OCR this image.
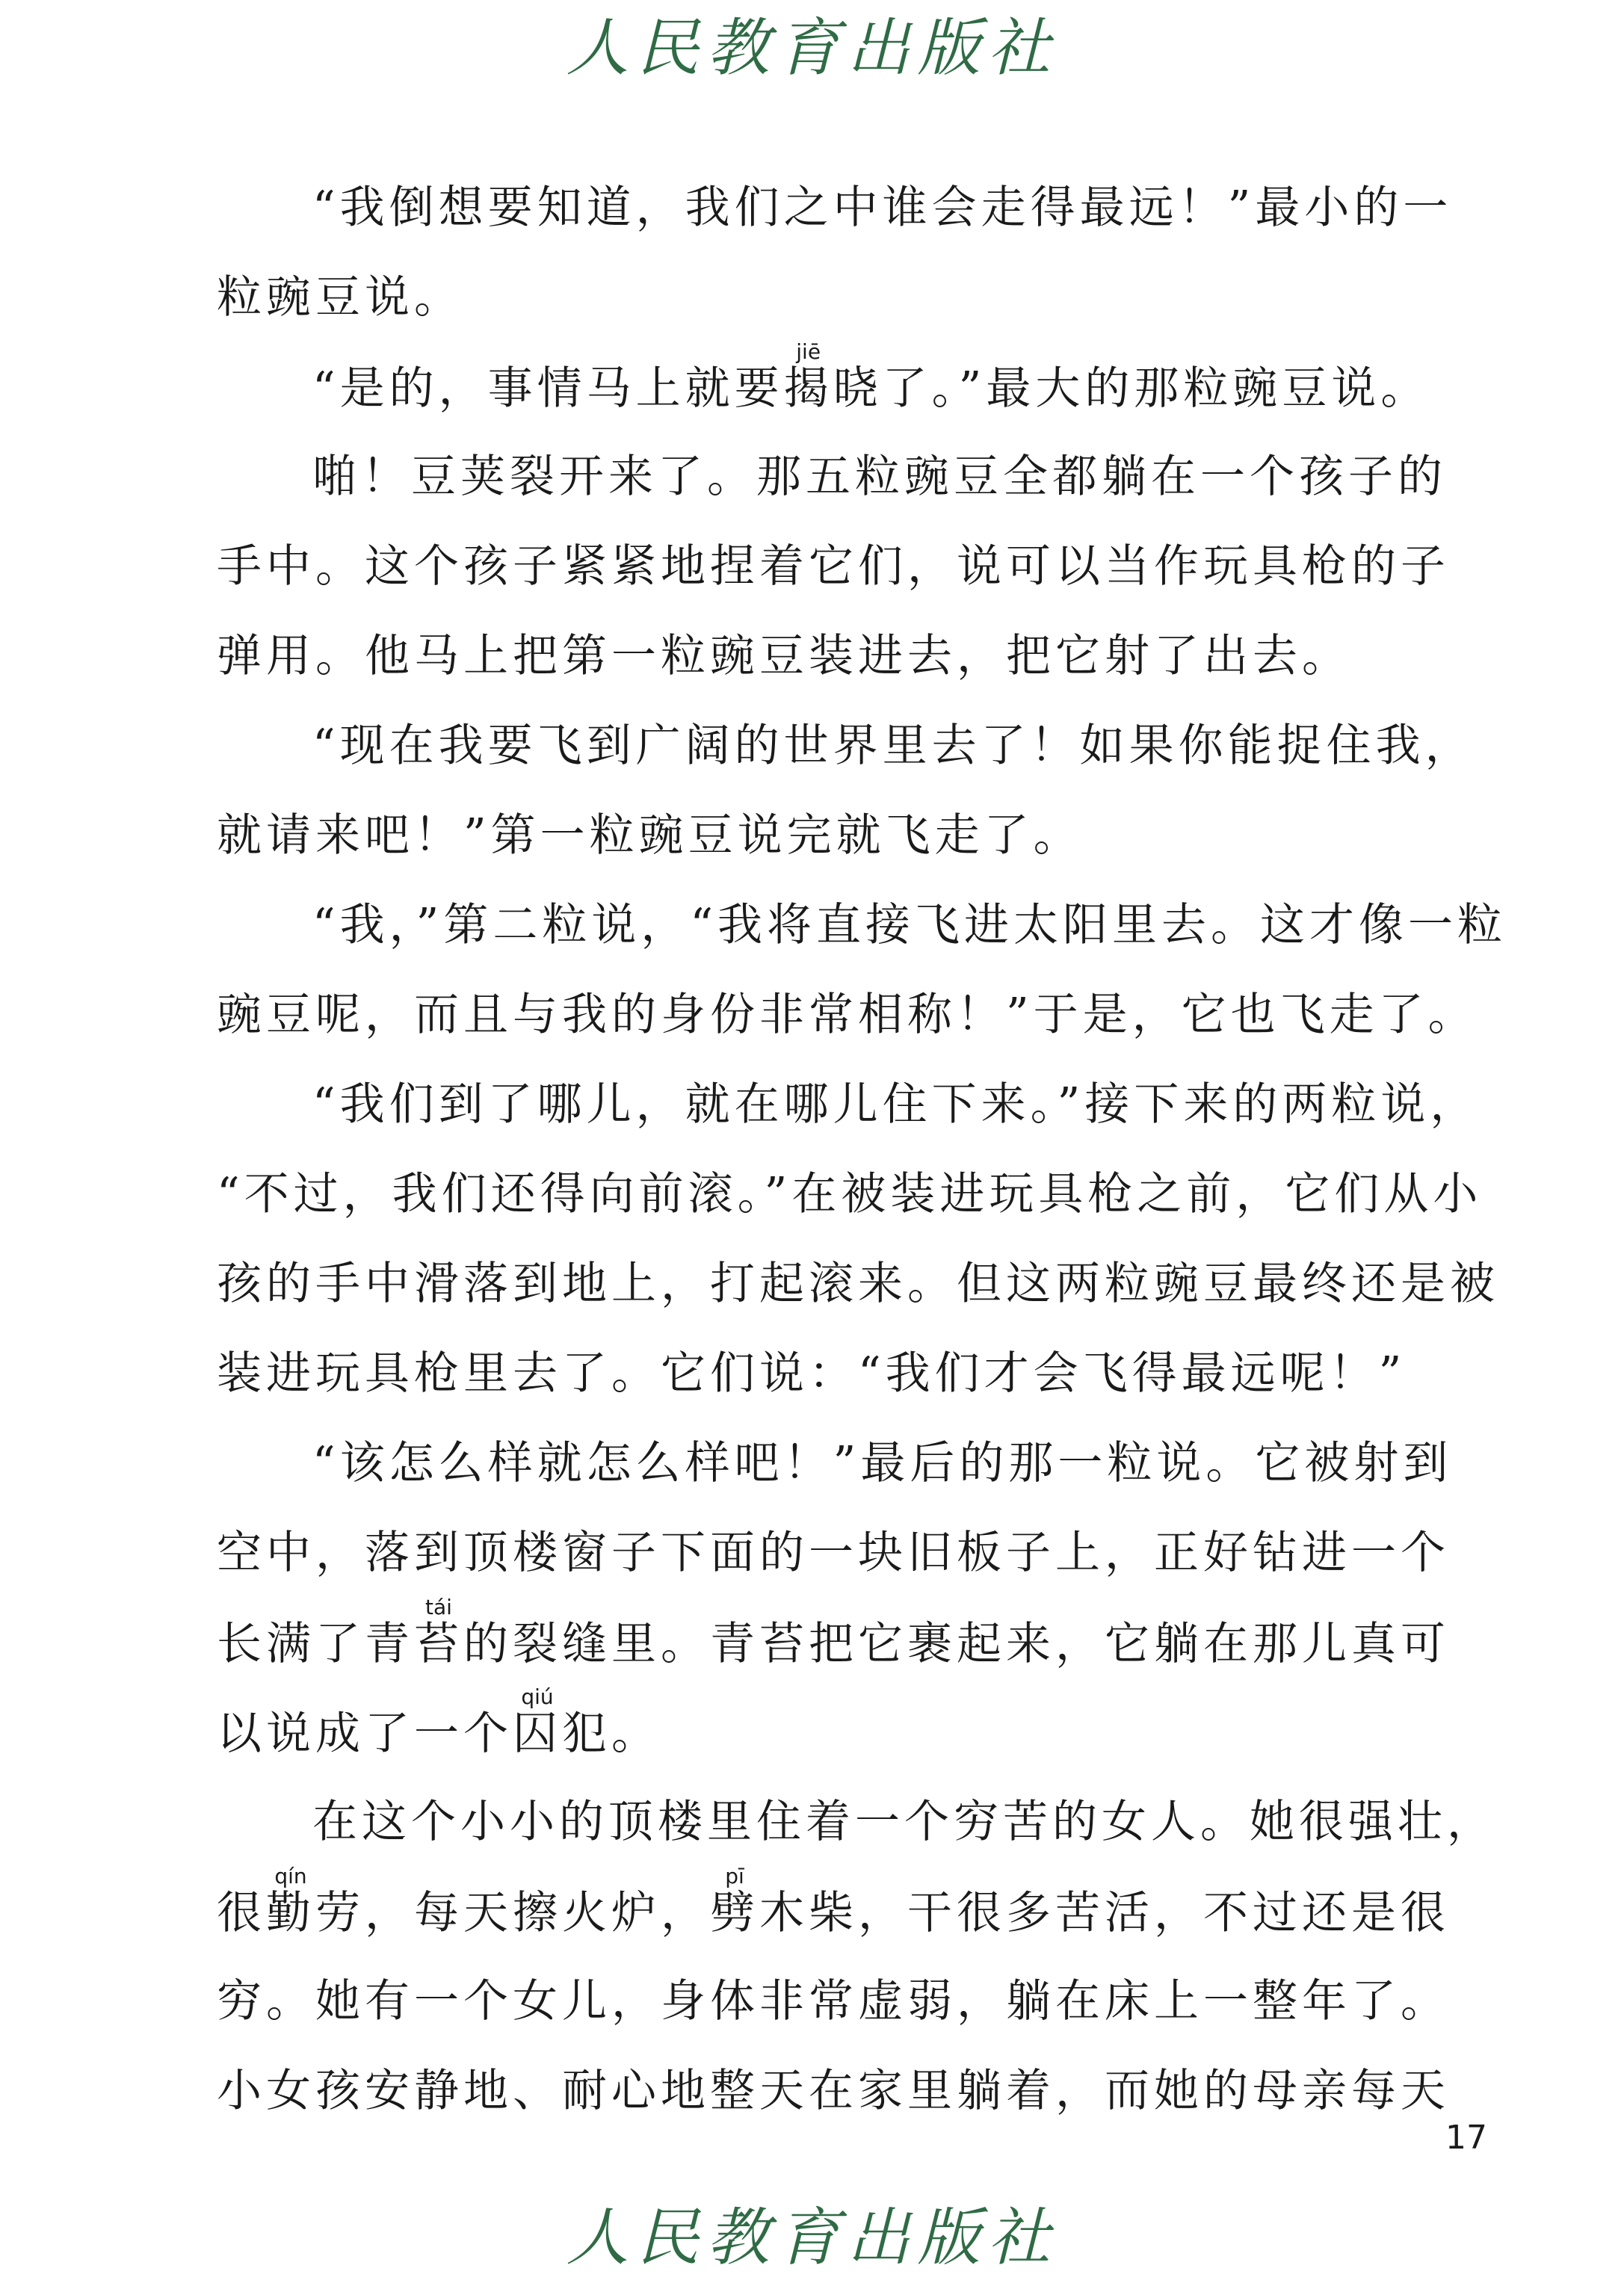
人民教育出版社
“我倒想要知道，我们之中谁会走得最远！”最小的一
粒豌豆说。
“是的，事情马上就要揭jiē晓了。”最大的那粒豌豆说。
啪！豆荚裂开来了。那五粒豌豆全都躺在一个孩子的
手中。这个孩子紧紧地捏着它们，说可以当作玩具枪的子
弹用。他马上把第一粒豌豆装进去，把它射了出去。
“现在我要飞到广阔的世界里去了！如果你能捉住我，
就请来吧！”第一粒豌豆说完就飞走了。
“我，”第二粒说，“我将直接飞进太阳里去。这才像一粒
豌豆呢，而且与我的身份非常相称！”于是，它也飞走了。
“我们到了哪儿，就在哪儿住下来。”接下来的两粒说，
“不过，我们还得向前滚。”在被装进玩具枪之前，它们从小
孩的手中滑落到地上，打起滚来。但这两粒豌豆最终还是被
装进玩具枪里去了。它们说：“我们才会飞得最远呢！”
“该怎么样就怎么样吧！”最后的那一粒说。它被射到
空中，落到顶楼窗子下面的一块旧板子上，正好钻进一个
长满了青苔tái的裂缝里。青苔把它裹起来，它躺在那儿真可
以说成了一个囚qiú犯。
在这个小小的顶楼里住着一个穷苦的女人。她很强壮，
很勤qín劳，每天擦火炉，劈pī木柴，干很多苦活，不过还是很
穷。她有一个女儿，身体非常虚弱，躺在床上一整年了。
小女孩安静地、耐心地整天在家里躺着，而她的母亲每天
17
人民教育出版社
